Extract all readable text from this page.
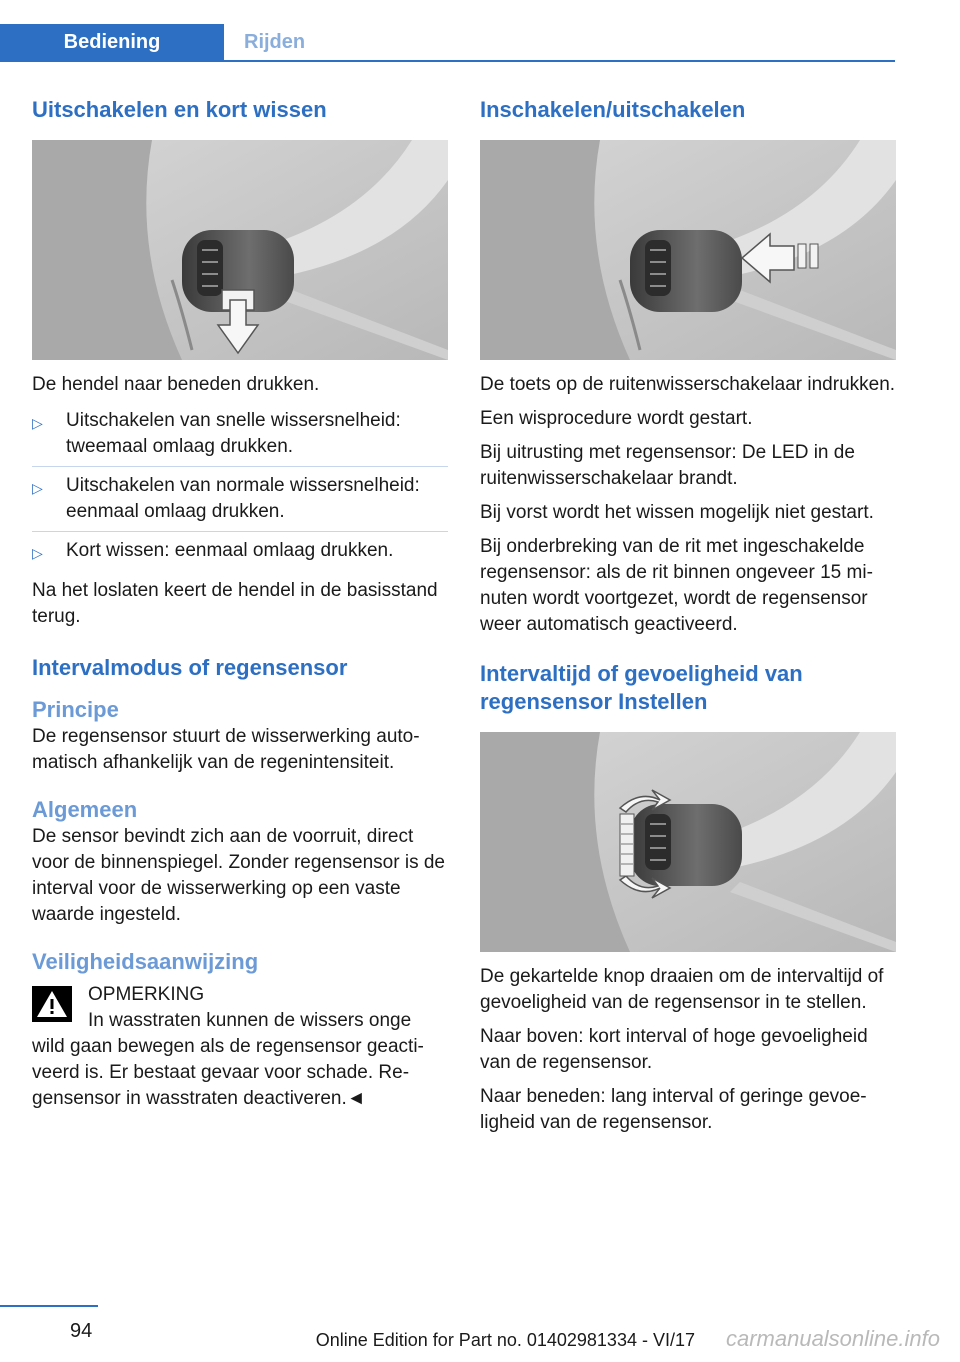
Bediening	Rijden
Uitschakelen en kort wissen

De hendel naar beneden drukken.

▷ Uitschakelen van snelle wissersnelheid: tweemaal omlaag drukken.
▷ Uitschakelen van normale wissersnelheid: eenmaal omlaag drukken.
▷ Kort wissen: eenmaal omlaag drukken.

Na het loslaten keert de hendel in de basisstand terug.

Intervalmodus of regensensor
Principe

De regensensor stuurt de wisserwerking automatisch afhankelijk van de regenintensiteit.

Algemeen

De sensor bevindt zich aan de voorruit, direct voor de binnenspiegel. Zonder regensensor is de interval voor de wisserwerking op een vaste waarde ingesteld.

Veiligheidsaanwijzing
OPMERKING

In wasstraten kunnen de wissers onge
wild gaan bewegen als de regensensor geactiveerd is. Er bestaat gevaar voor schade. Regensensor in wasstraten deactiveren.◄

Inschakelen/uitschakelen

De toets op de ruitenwisserschakelaar indrukken.

Een wisprocedure wordt gestart.

Bij uitrusting met regensensor: De LED in de ruitenwisserschakelaar brandt.

Bij vorst wordt het wissen mogelijk niet gestart.

Bij onderbreking van de rit met ingeschakelde regensensor: als de rit binnen ongeveer 15 minuten wordt voortgezet, wordt de regensensor weer automatisch geactiveerd.

Intervaltijd of gevoeligheid van regensensor Instellen

De gekartelde knop draaien om de intervaltijd of gevoeligheid van de regensensor in te stellen.

Naar boven: kort interval of hoge gevoeligheid van de regensensor.

Naar beneden: lang interval of geringe gevoeligheid van de regensensor.

94	Online Edition for Part no. 01402981334 - VI/17 carmanualsonline.info
